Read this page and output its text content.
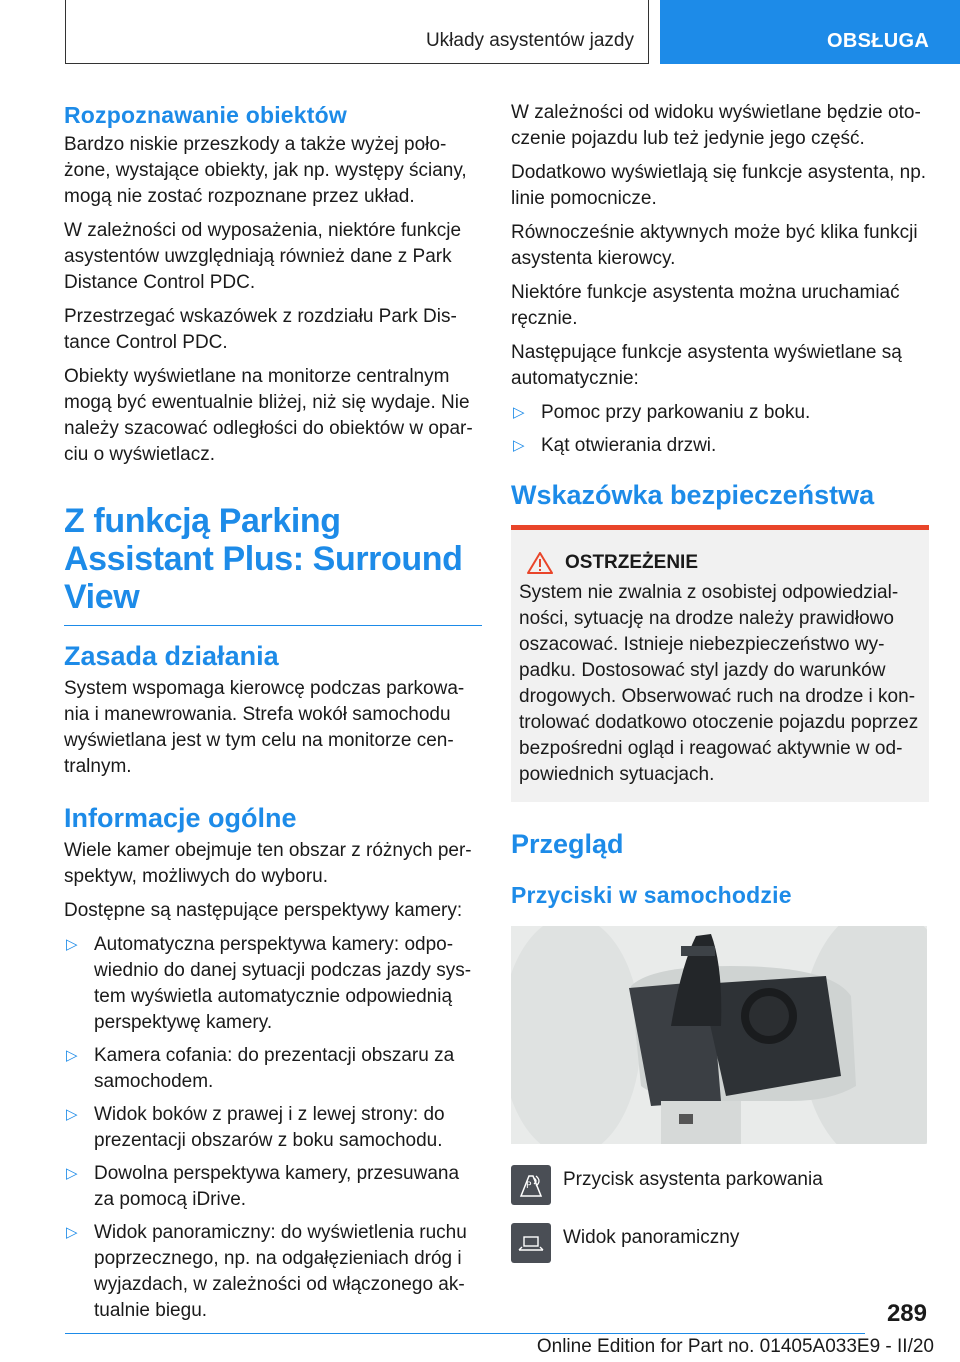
Układy asystentów jazdy	OBSŁUGA
Rozpoznawanie obiektów

Bardzo niskie przeszkody a także wyżej położone, wystające obiekty, jak np. występy ściany, mogą nie zostać rozpoznane przez układ.

W zależności od wyposażenia, niektóre funkcje asystentów uwzględniają również dane z Park Distance Control PDC.

Przestrzegać wskazówek z rozdziału Park Distance Control PDC.

Obiekty wyświetlane na monitorze centralnym mogą być ewentualnie bliżej, niż się wydaje. Nie należy szacować odległości do obiektów w oparciu o wyświetlacz.

Z funkcją Parking Assistant Plus: Surround View
Zasada działania

System wspomaga kierowcę podczas parkowania i manewrowania. Strefa wokół samochodu wyświetlana jest w tym celu na monitorze centralnym.

Informacje ogólne

Wiele kamer obejmuje ten obszar z różnych perspektyw, możliwych do wyboru.

Dostępne są następujące perspektywy kamery:

▷ Automatyczna perspektywa kamery: odpowiednio do danej sytuacji podczas jazdy system wyświetla automatycznie odpowiednią perspektywę kamery.
▷ Kamera cofania: do prezentacji obszaru za samochodem.
▷ Widok boków z prawej i z lewej strony: do prezentacji obszarów z boku samochodu.
▷ Dowolna perspektywa kamery, przesuwana za pomocą iDrive.
▷ Widok panoramiczny: do wyświetlenia ruchu poprzecznego, np. na odgałęzieniach dróg i wyjazdach, w zależności od włączonego aktualnie biegu.

W zależności od widoku wyświetlane będzie otoczenie pojazdu lub też jedynie jego część.

Dodatkowo wyświetlają się funkcje asystenta, np. linie pomocnicze.

Równocześnie aktywnych może być klika funkcji asystenta kierowcy.

Niektóre funkcje asystenta można uruchamiać ręcznie.

Następujące funkcje asystenta wyświetlane są automatycznie:

▷ Pomoc przy parkowaniu z boku.
▷ Kąt otwierania drzwi.
Wskazówka bezpieczeństwa
OSTRZEŻENIE

System nie zwalnia z osobistej odpowiedzialności, sytuację na drodze należy prawidłowo oszacować. Istnieje niebezpieczeństwo wypadku. Dostosować styl jazdy do warunków drogowych. Obserwować ruch na drodze i kontrolować dodatkowo otoczenie pojazdu poprzez bezpośredni ogląd i reagować aktywnie w odpowiednich sytuacjach.

Przegląd
Przyciski w samochodzie
P Przycisk asystenta parkowania
Widok panoramiczny
289
Online Edition for Part no. 01405A033E9 - II/20
